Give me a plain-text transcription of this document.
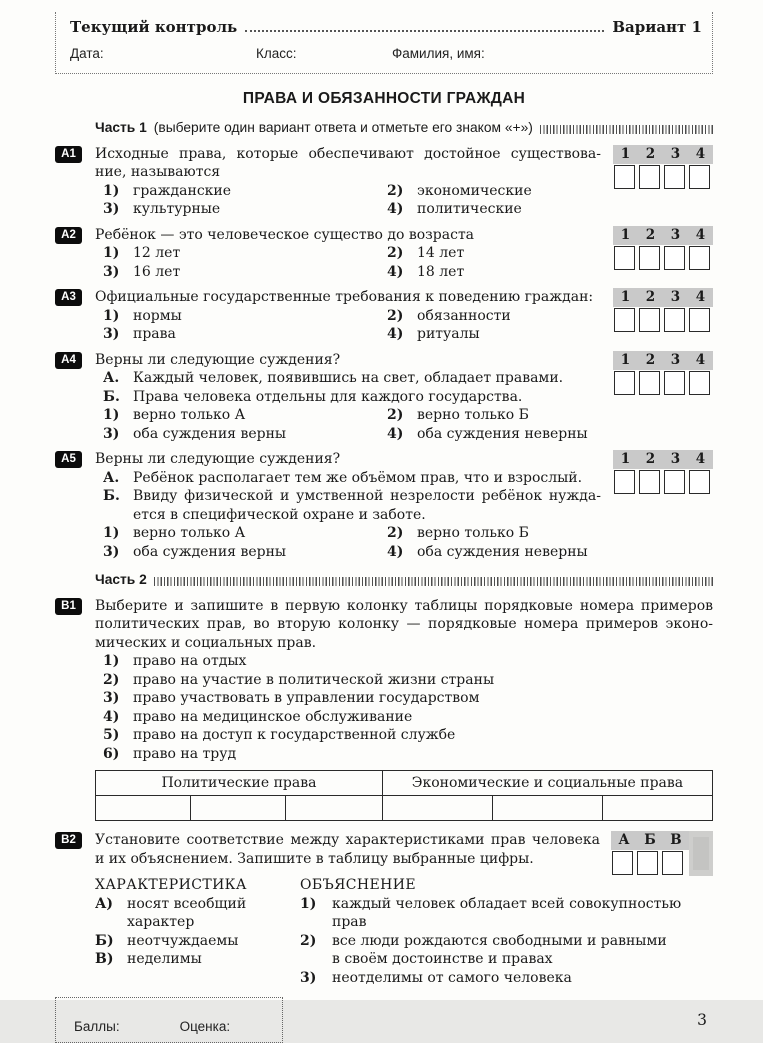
Текущий контроль	Вариант 1
Дата:	Класс:	Фамилия, имя:
ПРАВА И ОБЯЗАННОСТИ ГРАЖДАН
Часть 1 (выберите один вариант ответа и отметьте его знаком «+»)
А1	Исходные права, которые обеспечивают достойное существова-
ние, называются
1) гражданские	2) экономические
3) культурные	4) политические
1	2	3	4
А2	Ребёнок — это человеческое существо до возраста
1) 12 лет	2) 14 лет
3) 16 лет	4) 18 лет
1	2	3	4
А3	Официальные государственные требования к поведению граждан:
1) нормы	2) обязанности
3) права	4) ритуалы
1	2	3	4
А4	Верны ли следующие суждения?
А. Каждый человек, появившись на свет, обладает правами.
Б. Права человека отдельны для каждого государства.
1) верно только А	2) верно только Б
3) оба суждения верны	4) оба суждения неверны
1	2	3	4
А5	Верны ли следующие суждения?
А. Ребёнок располагает тем же объёмом прав, что и взрослый.
Б. Ввиду физической и умственной незрелости ребёнок нужда-
ется в специфической охране и заботе.
1) верно только А	2) верно только Б
3) оба суждения верны	4) оба суждения неверны
1	2	3	4
Часть 2
В1	Выберите и запишите в первую колонку таблицы порядковые номера примеров
политических прав, во вторую колонку — порядковые номера примеров эконо-
мических и социальных прав.
1) право на отдых
2) право на участие в политической жизни страны
3) право участвовать в управлении государством
4) право на медицинское обслуживание
5) право на доступ к государственной службе
6) право на труд
Политические права			Экономические и социальные права		

В2	Установите соответствие между характеристиками прав человека
и их объяснением. Запишите в таблицу выбранные цифры.
А	Б	В
ХАРАКТЕРИСТИКА
А) носят всеобщий
характер
Б) неотчуждаемы
В) неделимы
ОБЪЯСНЕНИЕ
1)	каждый человек обладает всей совокупностью прав
2)	все люди рождаются свободными и равными
в своём достоинстве и правах
3)	неотделимы от самого человека
Баллы:	Оценка:	3
